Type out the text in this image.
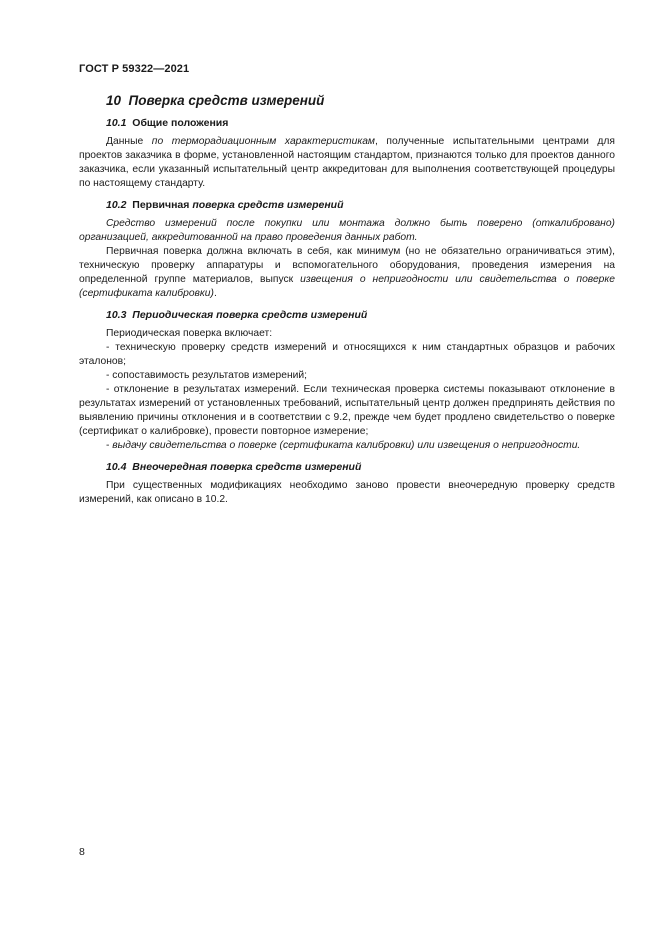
ГОСТ Р 59322—2021
10 Поверка средств измерений
10.1 Общие положения

Данные по терморадиационным характеристикам, полученные испытательными центрами для проектов заказчика в форме, установленной настоящим стандартом, признаются только для проектов данного заказчика, если указанный испытательный центр аккредитован для выполнения соответствующей процедуры по настоящему стандарту.

10.2 Первичная поверка средств измерений

Средство измерений после покупки или монтажа должно быть поверено (откалибровано) организацией, аккредитованной на право проведения данных работ.

Первичная поверка должна включать в себя, как минимум (но не обязательно ограничиваться этим), техническую проверку аппаратуры и вспомогательного оборудования, проведения измерения на определенной группе материалов, выпуск извещения о непригодности или свидетельства о поверке (сертификата калибровки).

10.3 Периодическая поверка средств измерений

Периодическая поверка включает:

- техническую проверку средств измерений и относящихся к ним стандартных образцов и рабочих эталонов;

- сопоставимость результатов измерений;

- отклонение в результатах измерений. Если техническая проверка системы показывают отклонение в результатах измерений от установленных требований, испытательный центр должен предпринять действия по выявлению причины отклонения и в соответствии с 9.2, прежде чем будет продлено свидетельство о поверке (сертификат о калибровке), провести повторное измерение;

- выдачу свидетельства о поверке (сертификата калибровки) или извещения о непригодности.

10.4 Внеочередная поверка средств измерений

При существенных модификациях необходимо заново провести внеочередную проверку средств измерений, как описано в 10.2.

8
